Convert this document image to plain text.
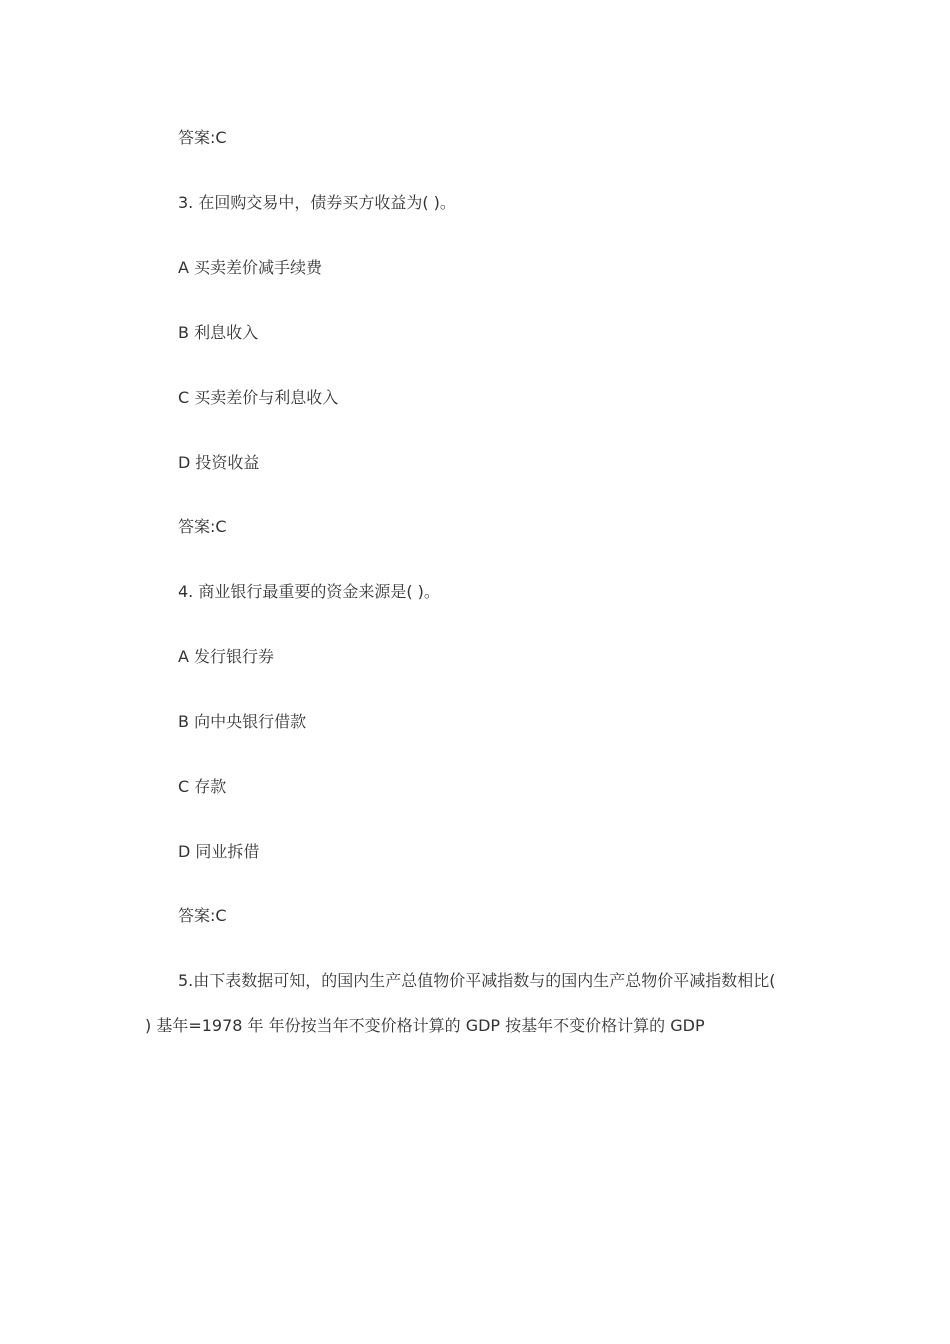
答案:C
3. 在回购交易中，债券买方收益为( )。
A 买卖差价减手续费
B 利息收入
C 买卖差价与利息收入
D 投资收益
答案:C
4. 商业银行最重要的资金来源是( )。
A 发行银行券
B 向中央银行借款
C 存款
D 同业拆借
答案:C
5.由下表数据可知，的国内生产总值物价平减指数与的国内生产总物价平减指数相比(
) 基年=1978 年 年份按当年不变价格计算的 GDP 按基年不变价格计算的 GDP
